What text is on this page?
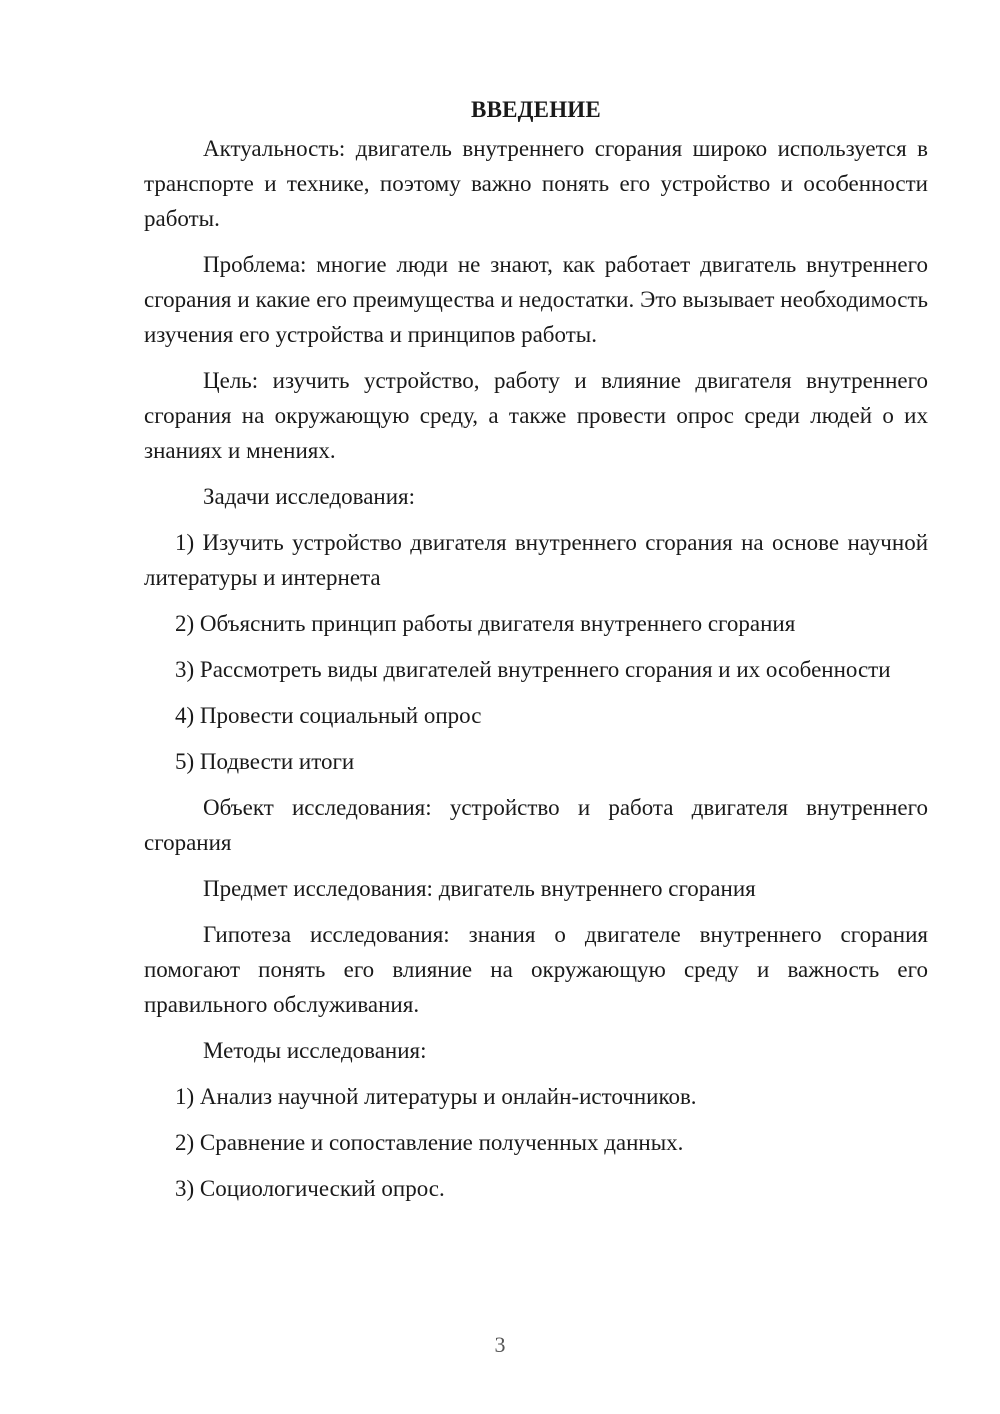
ВВЕДЕНИЕ

Актуальность: двигатель внутреннего сгорания широко используется в транспорте и технике, поэтому важно понять его устройство и особенности работы.

Проблема: многие люди не знают, как работает двигатель внутреннего сгорания и какие его преимущества и недостатки. Это вызывает необходимость изучения его устройства и принципов работы.

Цель: изучить устройство, работу и влияние двигателя внутреннего сгорания на окружающую среду, а также провести опрос среди людей о их знаниях и мнениях.

Задачи исследования:

1) Изучить устройство двигателя внутреннего сгорания на основе научной литературы и интернета

2) Объяснить принцип работы двигателя внутреннего сгорания

3) Рассмотреть виды двигателей внутреннего сгорания и их особенности

4) Провести социальный опрос

5) Подвести итоги

Объект исследования: устройство и работа двигателя внутреннего сгорания

Предмет исследования: двигатель внутреннего сгорания

Гипотеза исследования: знания о двигателе внутреннего сгорания помогают понять его влияние на окружающую среду и важность его правильного обслуживания.

Методы исследования:

1) Анализ научной литературы и онлайн-источников.

2) Сравнение и сопоставление полученных данных.

3) Социологический опрос.

3
